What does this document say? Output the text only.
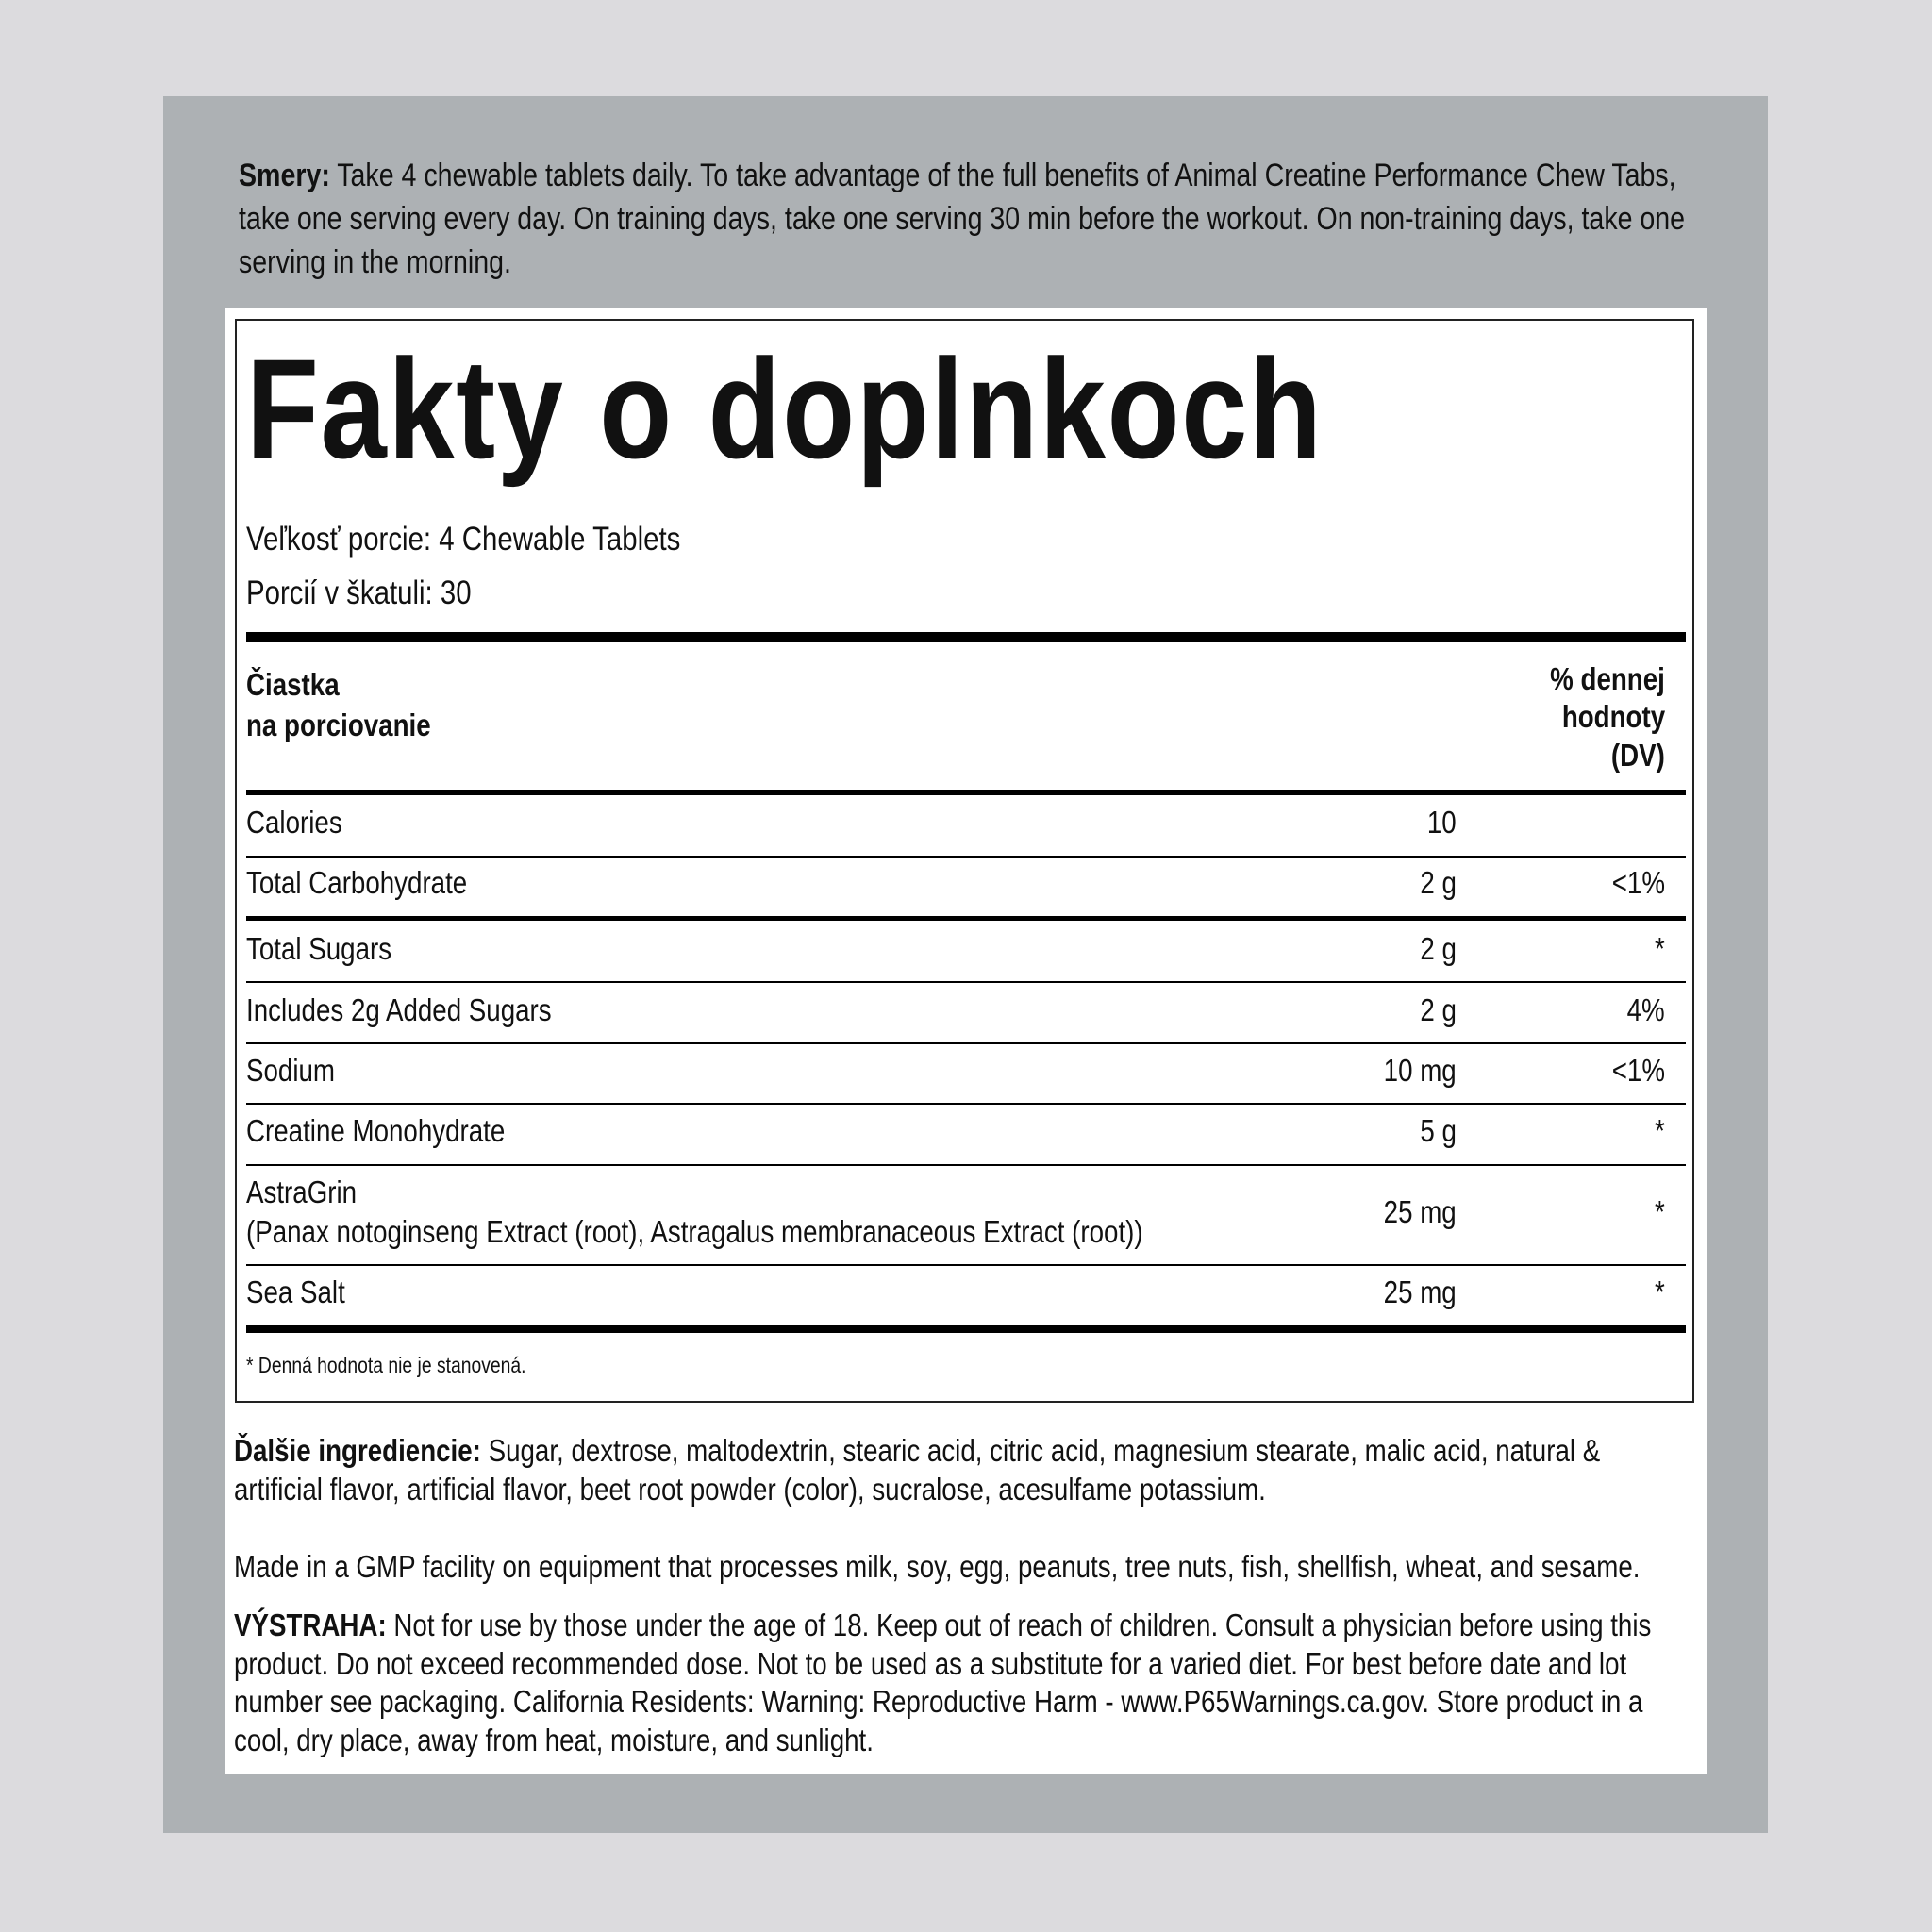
Smery: Take 4 chewable tablets daily. To take advantage of the full benefits of Animal Creatine Performance Chew Tabs, take one serving every day. On training days, take one serving 30 min before the workout. On non-training days, take one serving in the morning.
Fakty o doplnkoch
Veľkosť porcie: 4 Chewable Tablets
Porcií v škatuli: 30
Čiastka
na porciovanie
% dennej
hodnoty
(DV)
Calories	10
Total Carbohydrate	2 g	<1%
Total Sugars	2 g	*
Includes 2g Added Sugars	2 g	4%
Sodium	10 mg	<1%
Creatine Monohydrate	5 g	*
AstraGrin
(Panax notoginseng Extract (root), Astragalus membranaceous Extract (root))
25 mg	*
Sea Salt	25 mg	*
* Denná hodnota nie je stanovená.
Ďalšie ingrediencie: Sugar, dextrose, maltodextrin, stearic acid, citric acid, magnesium stearate, malic acid, natural & artificial flavor, artificial flavor, beet root powder (color), sucralose, acesulfame potassium.
Made in a GMP facility on equipment that processes milk, soy, egg, peanuts, tree nuts, fish, shellfish, wheat, and sesame.
VÝSTRAHA: Not for use by those under the age of 18. Keep out of reach of children. Consult a physician before using this product. Do not exceed recommended dose. Not to be used as a substitute for a varied diet. For best before date and lot number see packaging. California Residents: Warning: Reproductive Harm - www.P65Warnings.ca.gov. Store product in a cool, dry place, away from heat, moisture, and sunlight.
